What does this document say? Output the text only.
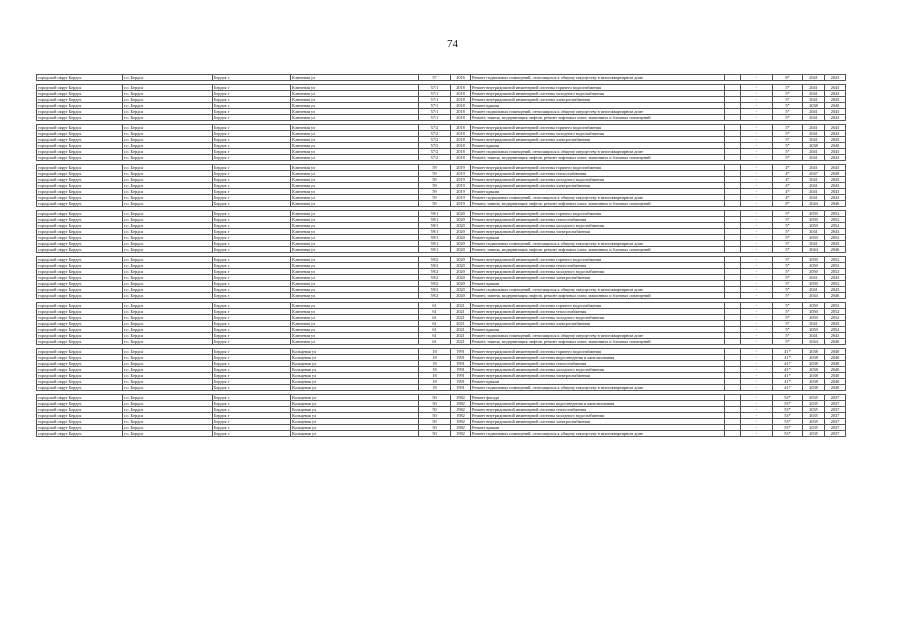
74
городской округ Бердск	г.о. Бердск	Бердск г	Ключевая ул	57	2016	Ремонт подвальных помещений, относящихся к общему имуществу в многоквартирном доме		-	8*	2041	2043

городской округ Бердск	г.о. Бердск	Бердск г	Ключевая ул	57/1	2018	Ремонт внутридомовой инженерной системы горячего водоснабжения		-	5*	2041	2043
городской округ Бердск	г.о. Бердск	Бердск г	Ключевая ул	57/1	2018	Ремонт внутридомовой инженерной системы холодного водоснабжения		-	5*	2041	2043
городской округ Бердск	г.о. Бердск	Бердск г	Ключевая ул	57/1	2018	Ремонт внутридомовой инженерной системы электроснабжения		-	5*	2041	2043
городской округ Бердск	г.о. Бердск	Бердск г	Ключевая ул	57/1	2018	Ремонт крыши		-	5*	2038	2040
городской округ Бердск	г.о. Бердск	Бердск г	Ключевая ул	57/1	2018	Ремонт подвальных помещений, относящихся к общему имуществу в многоквартирном доме		-	5*	2041	2043
городской округ Бердск	г.о. Бердск	Бердск г	Ключевая ул	57/1	2018	Ремонт, замена, модернизация лифтов, ремонт лифтовых шахт, машинных и блочных помещений		-	5*	2041	2043

городской округ Бердск	г.о. Бердск	Бердск г	Ключевая ул	57/2	2018	Ремонт внутридомовой инженерной системы горячего водоснабжения		-	5*	2041	2043
городской округ Бердск	г.о. Бердск	Бердск г	Ключевая ул	57/2	2018	Ремонт внутридомовой инженерной системы холодного водоснабжения		-	5*	2041	2043
городской округ Бердск	г.о. Бердск	Бердск г	Ключевая ул	57/2	2018	Ремонт внутридомовой инженерной системы электроснабжения		-	5*	2041	2043
городской округ Бердск	г.о. Бердск	Бердск г	Ключевая ул	57/2	2018	Ремонт крыши		-	5*	2038	2040
городской округ Бердск	г.о. Бердск	Бердск г	Ключевая ул	57/2	2018	Ремонт подвальных помещений, относящихся к общему имуществу в многоквартирном доме		-	5*	2041	2043
городской округ Бердск	г.о. Бердск	Бердск г	Ключевая ул	57/2	2018	Ремонт, замена, модернизация лифтов, ремонт лифтовых шахт, машинных и блочных помещений		-	5*	2041	2043

городской округ Бердск	г.о. Бердск	Бердск г	Ключевая ул	59	2019	Ремонт внутридомовой инженерной системы горячего водоснабжения		-	4*	2041	2043
городской округ Бердск	г.о. Бердск	Бердск г	Ключевая ул	59	2019	Ремонт внутридомовой инженерной системы теплоснабжения		-	4*	2047	2049
городской округ Бердск	г.о. Бердск	Бердск г	Ключевая ул	59	2019	Ремонт внутридомовой инженерной системы холодного водоснабжения		-	4*	2041	2043
городской округ Бердск	г.о. Бердск	Бердск г	Ключевая ул	59	2019	Ремонт внутридомовой инженерной системы электроснабжения		-	4*	2041	2043
городской округ Бердск	г.о. Бердск	Бердск г	Ключевая ул	59	2019	Ремонт крыши		-	4*	2041	2043
городской округ Бердск	г.о. Бердск	Бердск г	Ключевая ул	59	2019	Ремонт подвальных помещений, относящихся к общему имуществу в многоквартирном доме		-	4*	2041	2043
городской округ Бердск	г.о. Бердск	Бердск г	Ключевая ул	59	2019	Ремонт, замена, модернизация лифтов, ремонт лифтовых шахт, машинных и блочных помещений		-	8*	2044	2046

городской округ Бердск	г.о. Бердск	Бердск г	Ключевая ул	59/1	2020	Ремонт внутридомовой инженерной системы горячего водоснабжения		-	5*	2050	2052
городской округ Бердск	г.о. Бердск	Бердск г	Ключевая ул	59/1	2020	Ремонт внутридомовой инженерной системы теплоснабжения		-	5*	2050	2052
городской округ Бердск	г.о. Бердск	Бердск г	Ключевая ул	59/1	2020	Ремонт внутридомовой инженерной системы холодного водоснабжения		-	5*	2050	2052
городской округ Бердск	г.о. Бердск	Бердск г	Ключевая ул	59/1	2020	Ремонт внутридомовой инженерной системы электроснабжения		-	5*	2041	2043
городской округ Бердск	г.о. Бердск	Бердск г	Ключевая ул	59/1	2020	Ремонт крыши		-	5*	2050	2052
городской округ Бердск	г.о. Бердск	Бердск г	Ключевая ул	59/1	2020	Ремонт подвальных помещений, относящихся к общему имуществу в многоквартирном доме		-	5*	2041	2043
городской округ Бердск	г.о. Бердск	Бердск г	Ключевая ул	59/1	2020	Ремонт, замена, модернизация лифтов, ремонт лифтовых шахт, машинных и блочных помещений		-	5*	2044	2046

городской округ Бердск	г.о. Бердск	Бердск г	Ключевая ул	59/2	2020	Ремонт внутридомовой инженерной системы горячего водоснабжения		-	5*	2050	2052
городской округ Бердск	г.о. Бердск	Бердск г	Ключевая ул	59/2	2020	Ремонт внутридомовой инженерной системы теплоснабжения		-	5*	2050	2052
городской округ Бердск	г.о. Бердск	Бердск г	Ключевая ул	59/2	2020	Ремонт внутридомовой инженерной системы холодного водоснабжения		-	5*	2050	2052
городской округ Бердск	г.о. Бердск	Бердск г	Ключевая ул	59/2	2020	Ремонт внутридомовой инженерной системы электроснабжения		-	5*	2041	2043
городской округ Бердск	г.о. Бердск	Бердск г	Ключевая ул	59/2	2020	Ремонт крыши		-	5*	2050	2052
городской округ Бердск	г.о. Бердск	Бердск г	Ключевая ул	59/2	2020	Ремонт подвальных помещений, относящихся к общему имуществу в многоквартирном доме		-	5*	2041	2043
городской округ Бердск	г.о. Бердск	Бердск г	Ключевая ул	59/2	2020	Ремонт, замена, модернизация лифтов, ремонт лифтовых шахт, машинных и блочных помещений		-	5*	2044	2046

городской округ Бердск	г.о. Бердск	Бердск г	Ключевая ул	61	2021	Ремонт внутридомовой инженерной системы горячего водоснабжения		-	5*	2050	2052
городской округ Бердск	г.о. Бердск	Бердск г	Ключевая ул	61	2021	Ремонт внутридомовой инженерной системы теплоснабжения		-	5*	2050	2052
городской округ Бердск	г.о. Бердск	Бердск г	Ключевая ул	61	2021	Ремонт внутридомовой инженерной системы холодного водоснабжения		-	5*	2050	2052
городской округ Бердск	г.о. Бердск	Бердск г	Ключевая ул	61	2021	Ремонт внутридомовой инженерной системы электроснабжения		-	5*	2041	2043
городской округ Бердск	г.о. Бердск	Бердск г	Ключевая ул	61	2021	Ремонт крыши		-	5*	2050	2052
городской округ Бердск	г.о. Бердск	Бердск г	Ключевая ул	61	2021	Ремонт подвальных помещений, относящихся к общему имуществу в многоквартирном доме		-	5*	2041	2043
городской округ Бердск	г.о. Бердск	Бердск г	Ключевая ул	61	2021	Ремонт, замена, модернизация лифтов, ремонт лифтовых шахт, машинных и блочных помещений		-	5*	2044	2046

городской округ Бердск	г.о. Бердск	Бердск г	Кольцевая ул	18	1991	Ремонт внутридомовой инженерной системы горячего водоснабжения		-	41*	2038	2040
городской округ Бердск	г.о. Бердск	Бердск г	Кольцевая ул	18	1991	Ремонт внутридомовой инженерной системы водоотведения и канализования		-	41*	2038	2040
городской округ Бердск	г.о. Бердск	Бердск г	Кольцевая ул	18	1991	Ремонт внутридомовой инженерной системы теплоснабжения		-	41*	2038	2040
городской округ Бердск	г.о. Бердск	Бердск г	Кольцевая ул	18	1991	Ремонт внутридомовой инженерной системы холодного водоснабжения		-	41*	2038	2040
городской округ Бердск	г.о. Бердск	Бердск г	Кольцевая ул	18	1991	Ремонт внутридомовой инженерной системы электроснабжения		-	41*	2038	2040
городской округ Бердск	г.о. Бердск	Бердск г	Кольцевая ул	18	1991	Ремонт крыши		-	41*	2038	2040
городской округ Бердск	г.о. Бердск	Бердск г	Кольцевая ул	18	1991	Ремонт подвальных помещений, относящихся к общему имуществу в многоквартирном доме		-	41*	2038	2040

городской округ Бердск	г.о. Бердск	Бердск г	Кольцевая ул	50	1982	Ремонт фасада		-	53*	2035	2037
городской округ Бердск	г.о. Бердск	Бердск г	Кольцевая ул	50	1982	Ремонт внутридомовой инженерной системы водоотведения и канализования		-	53*	2035	2037
городской округ Бердск	г.о. Бердск	Бердск г	Кольцевая ул	50	1982	Ремонт внутридомовой инженерной системы теплоснабжения		-	53*	2035	2037
городской округ Бердск	г.о. Бердск	Бердск г	Кольцевая ул	50	1982	Ремонт внутридомовой инженерной системы холодного водоснабжения		-	53*	2035	2037
городской округ Бердск	г.о. Бердск	Бердск г	Кольцевая ул	50	1982	Ремонт внутридомовой инженерной системы электроснабжения		-	53*	2035	2037
городской округ Бердск	г.о. Бердск	Бердск г	Кольцевая ул	50	1982	Ремонт крыши		-	53*	2035	2037
городской округ Бердск	г.о. Бердск	Бердск г	Кольцевая ул	50	1982	Ремонт подвальных помещений, относящихся к общему имуществу в многоквартирном доме		-	53*	2035	2037
